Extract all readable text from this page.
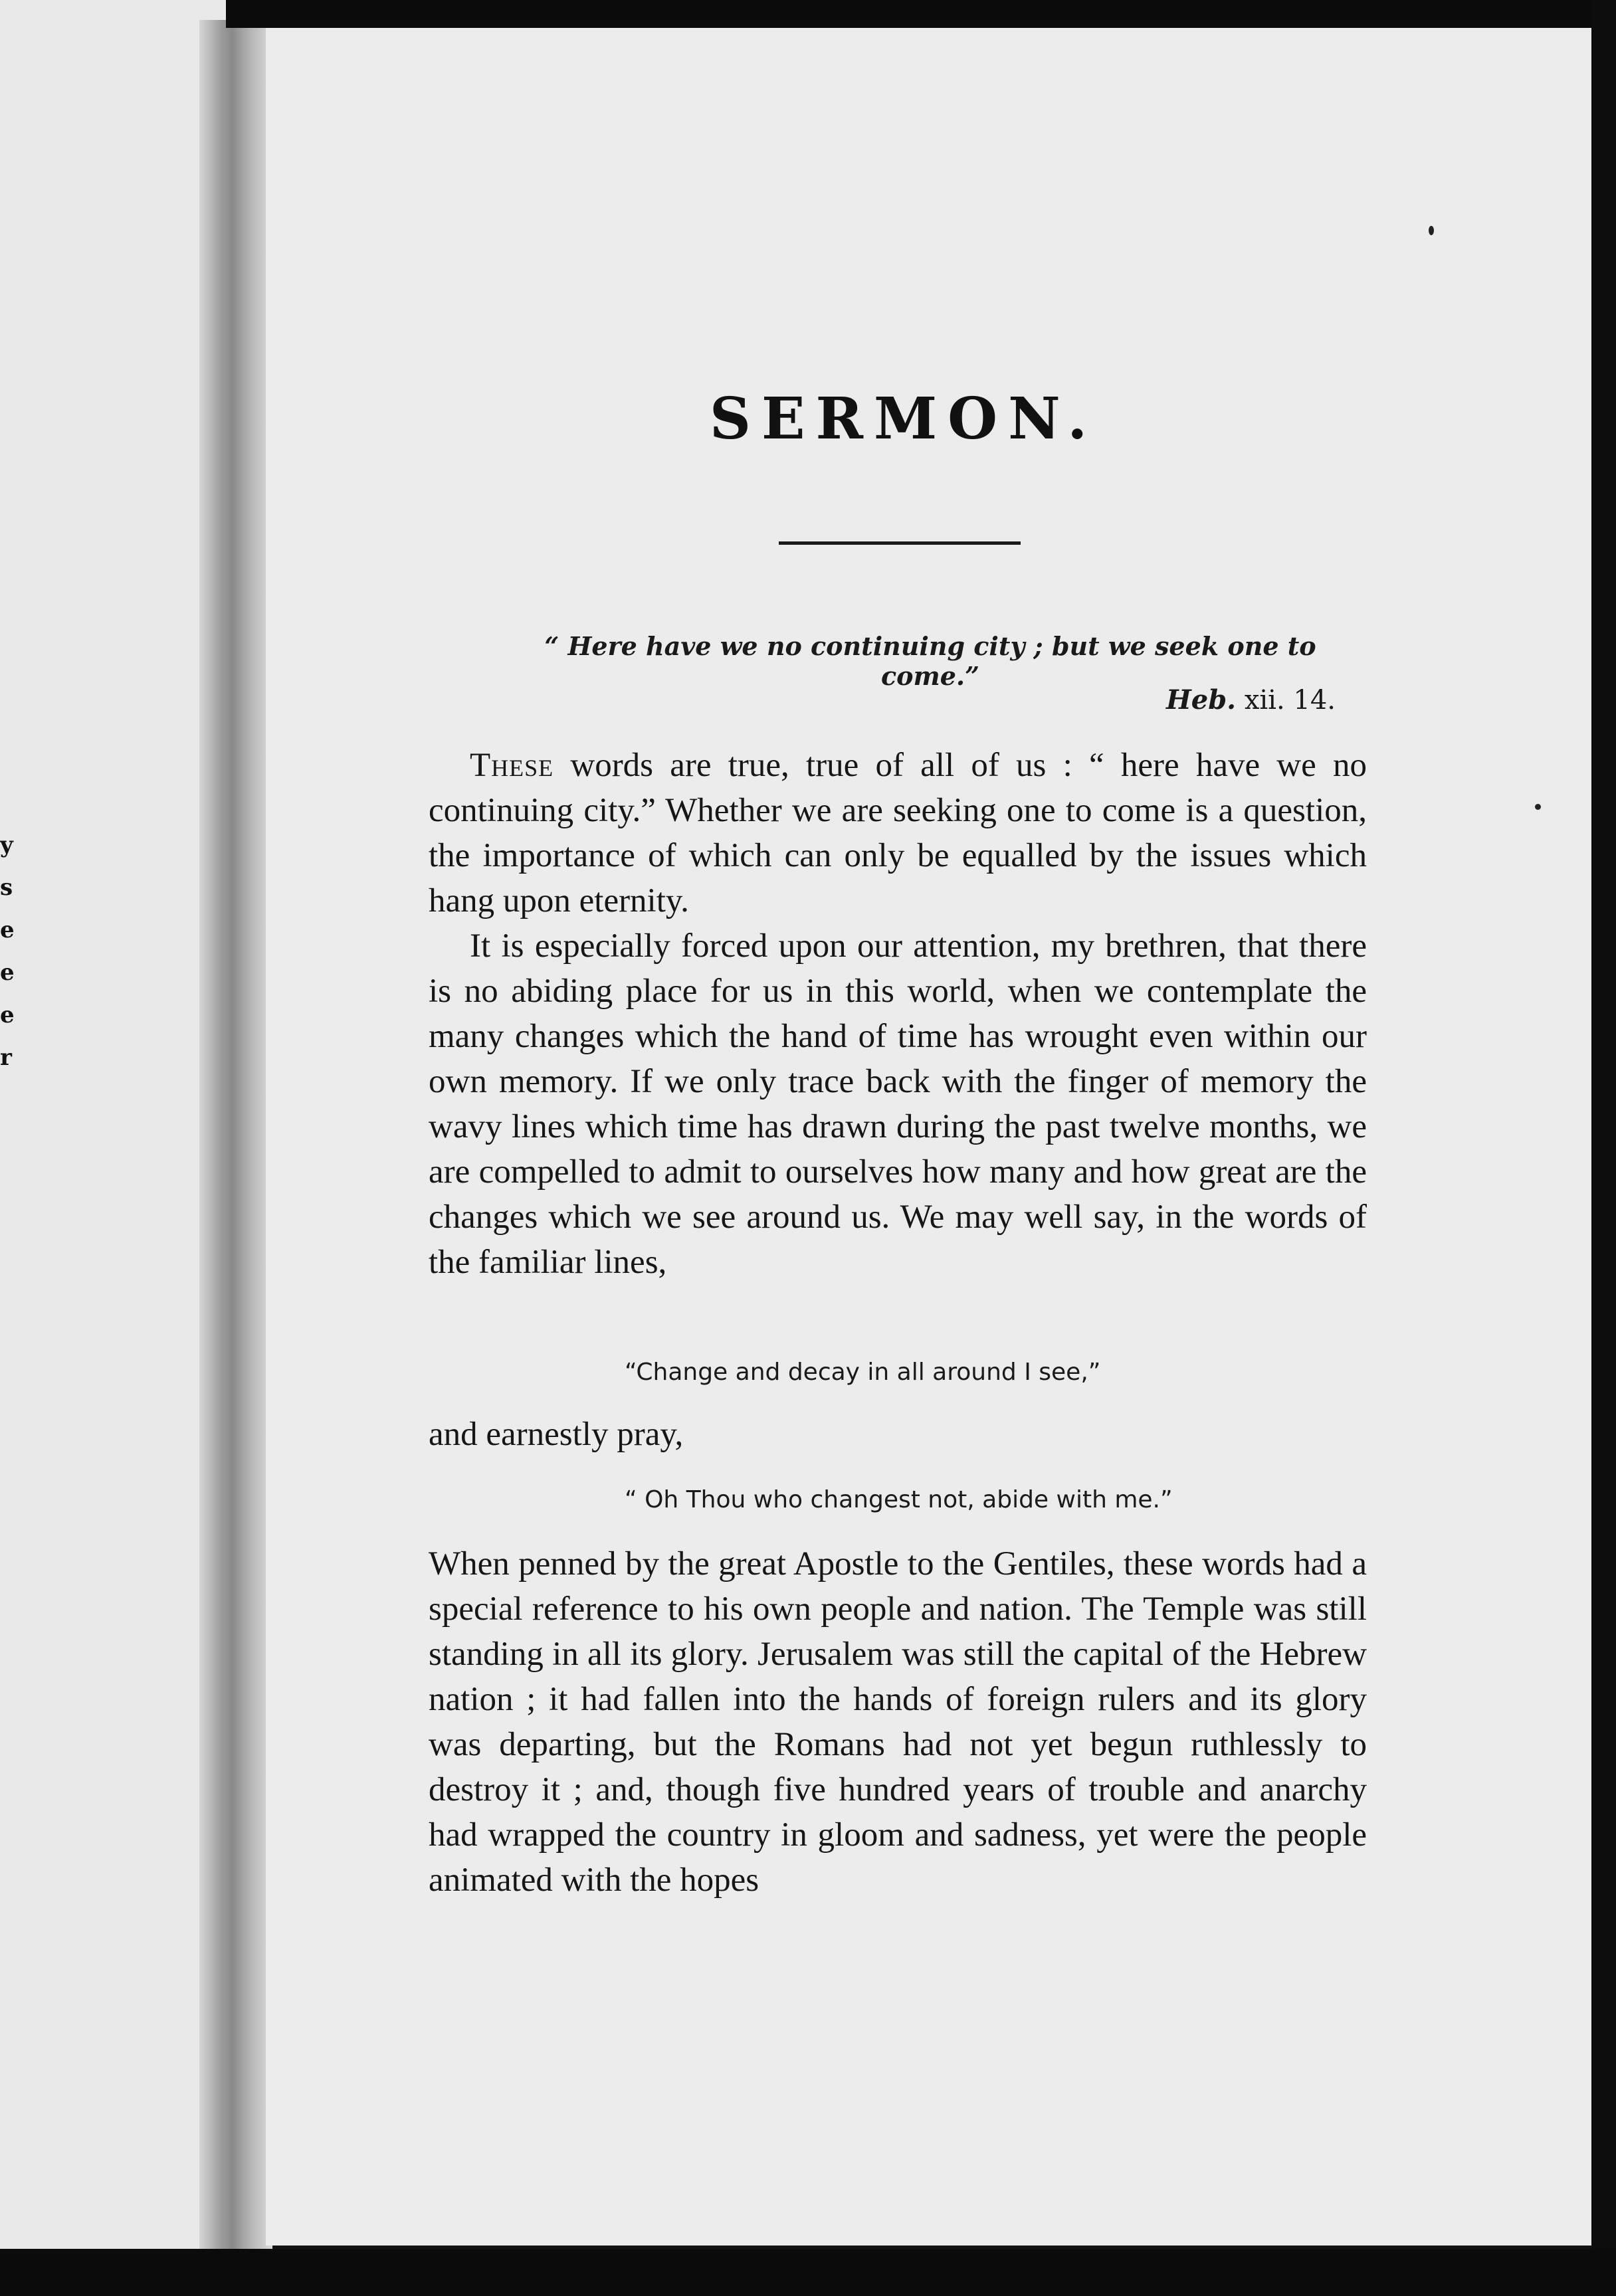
y
s
e
e
e
r
SERMON.
“ Here have we no continuing city ; but we seek one to come.”
Heb. xii. 14.

These words are true, true of all of us : “ here have we no continuing city.” Whether we are seeking one to come is a question, the importance of which can only be equalled by the issues which hang upon eternity.

It is especially forced upon our attention, my brethren, that there is no abiding place for us in this world, when we contemplate the many changes which the hand of time has wrought even within our own memory. If we only trace back with the finger of memory the wavy lines which time has drawn during the past twelve months, we are compelled to admit to ourselves how many and how great are the changes which we see around us. We may well say, in the words of the familiar lines,

“Change and decay in all around I see,”
and earnestly pray,
“ Oh Thou who changest not, abide with me.”

When penned by the great Apostle to the Gentiles, these words had a special reference to his own people and nation. The Temple was still standing in all its glory. Jerusalem was still the capital of the Hebrew nation ; it had fallen into the hands of foreign rulers and its glory was departing, but the Romans had not yet begun ruthlessly to destroy it ; and, though five hundred years of trouble and anarchy had wrapped the country in gloom and sadness, yet were the people animated with the hopes
